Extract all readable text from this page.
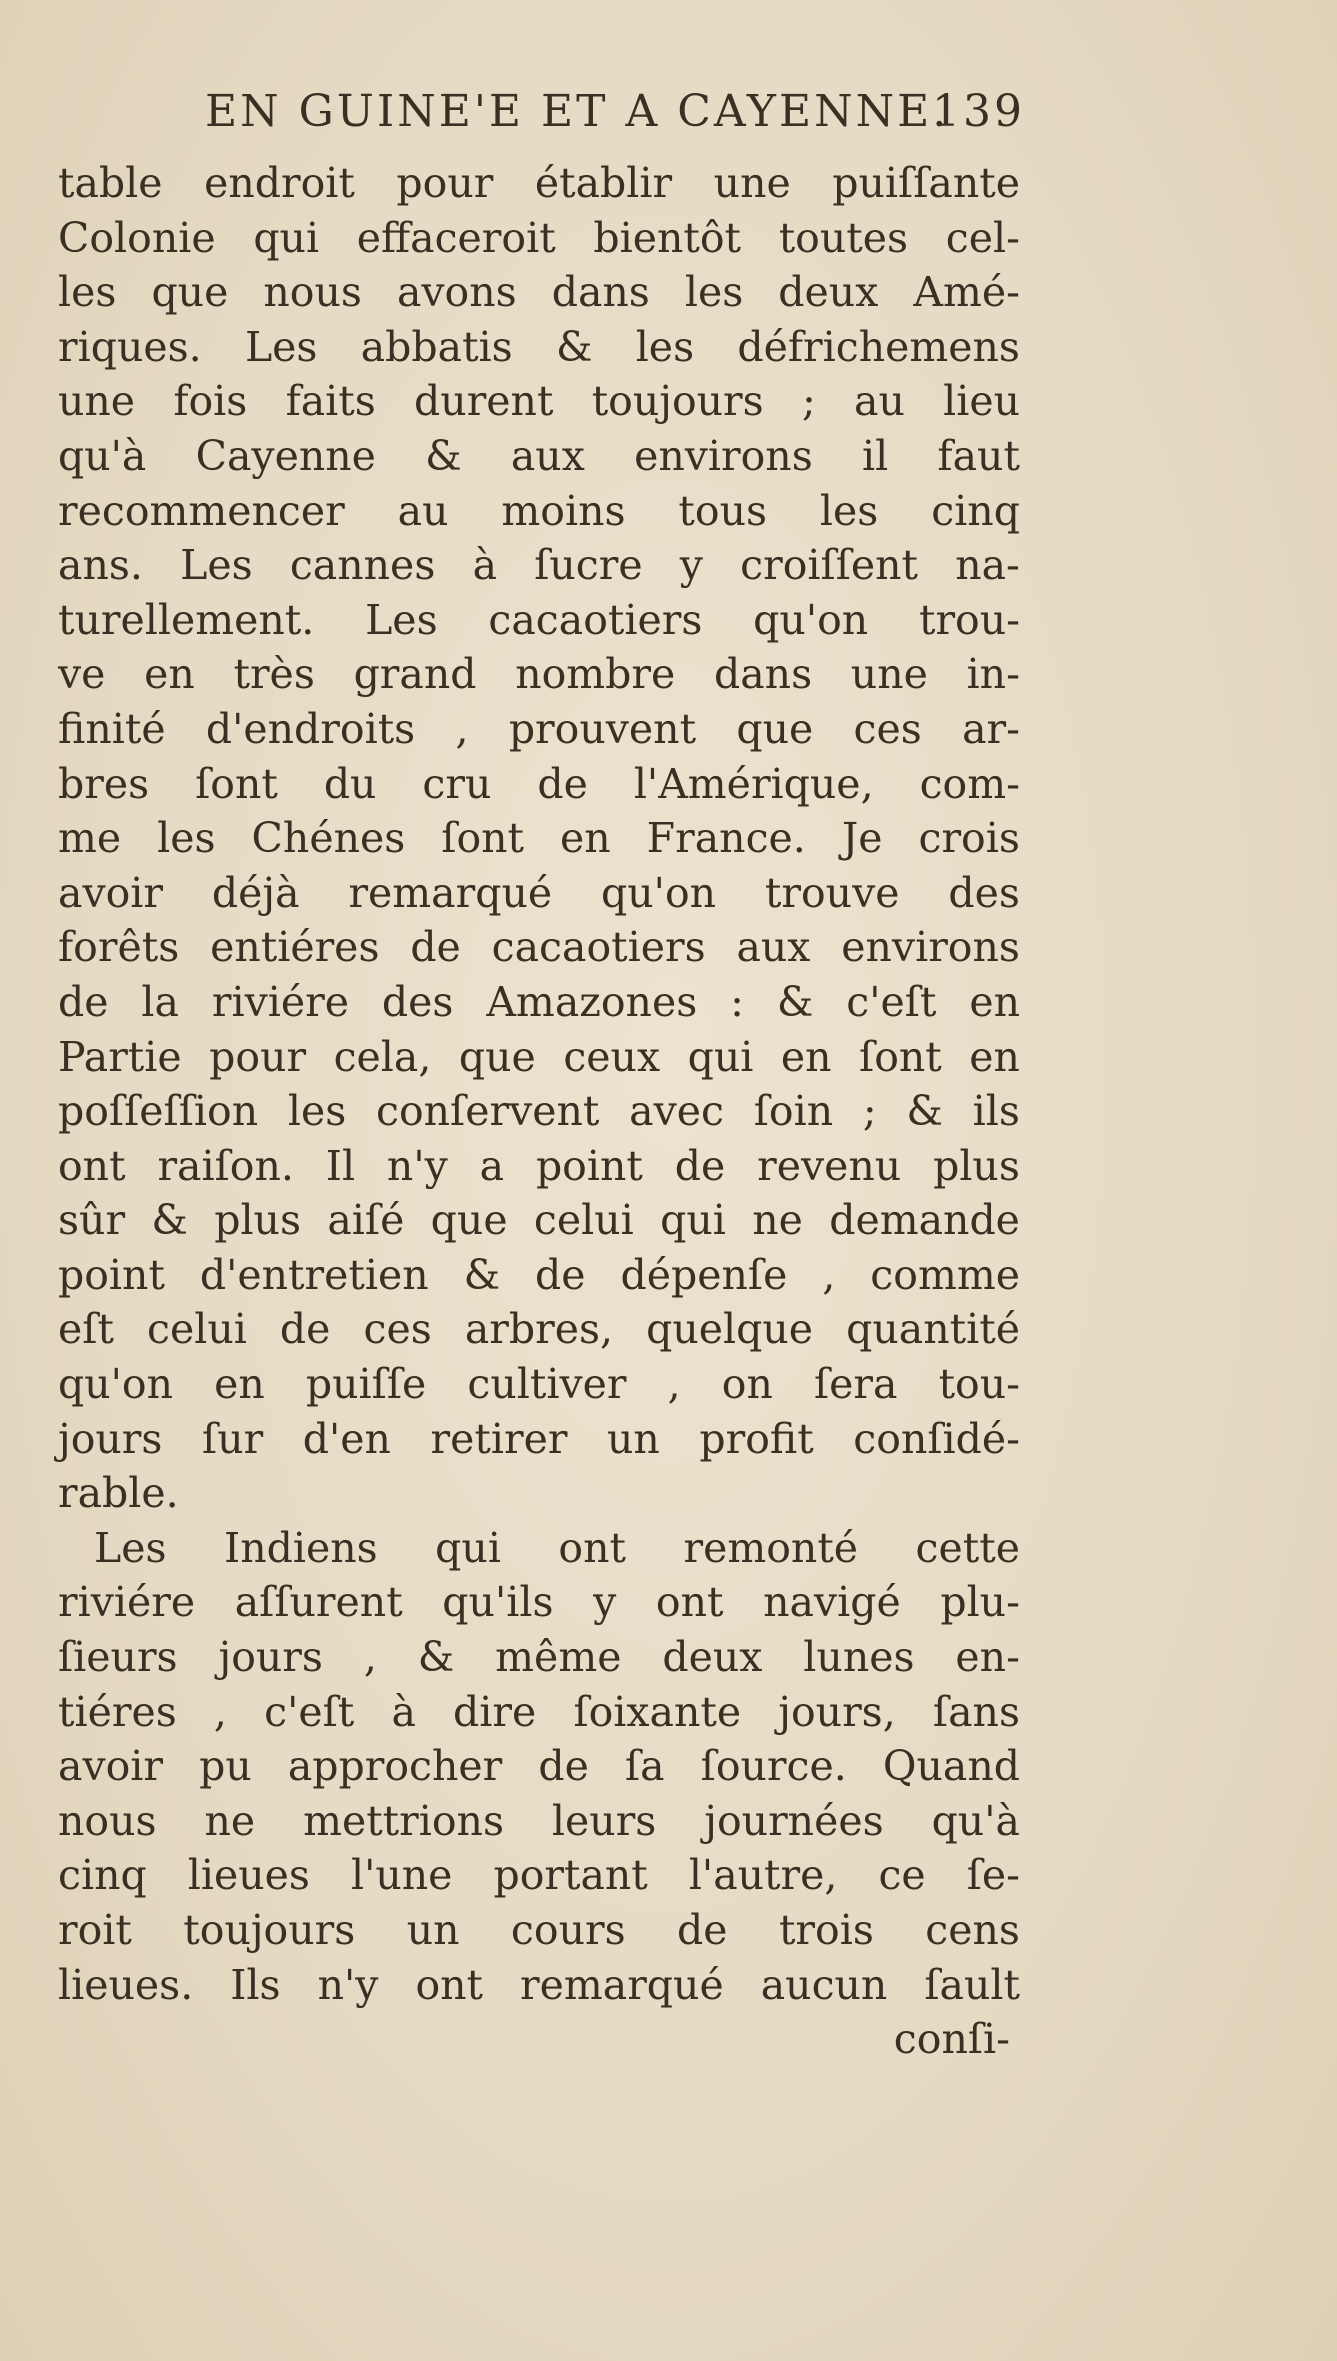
EN GUINE'E ET A CAYENNE.
139
table endroit pour établir une puiſſante
Colonie qui effaceroit bientôt toutes cel-
les que nous avons dans les deux Amé-
riques. Les abbatis & les défrichemens
une fois faits durent toujours ; au lieu
qu'à Cayenne & aux environs il faut
recommencer au moins tous les cinq
ans. Les cannes à ſucre y croiſſent na-
turellement. Les cacaotiers qu'on trou-
ve en très grand nombre dans une in-
finité d'endroits , prouvent que ces ar-
bres ſont du cru de l'Amérique, com-
me les Chénes ſont en France. Je crois
avoir déjà remarqué qu'on trouve des
forêts entiéres de cacaotiers aux environs
de la riviére des Amazones : & c'eſt en
Partie pour cela, que ceux qui en ſont en
poſſeſſion les conſervent avec ſoin ; & ils
ont raiſon. Il n'y a point de revenu plus
sûr & plus aiſé que celui qui ne demande
point d'entretien & de dépenſe , comme
eſt celui de ces arbres, quelque quantité
qu'on en puiſſe cultiver , on ſera tou-
jours ſur d'en retirer un profit conſidé-
rable.
Les Indiens qui ont remonté cette
riviére aſſurent qu'ils y ont navigé plu-
ſieurs jours , & même deux lunes en-
tiéres , c'eſt à dire ſoixante jours, ſans
avoir pu approcher de ſa ſource. Quand
nous ne mettrions leurs journées qu'à
cinq lieues l'une portant l'autre, ce ſe-
roit toujours un cours de trois cens
lieues. Ils n'y ont remarqué aucun ſault
conſi-
